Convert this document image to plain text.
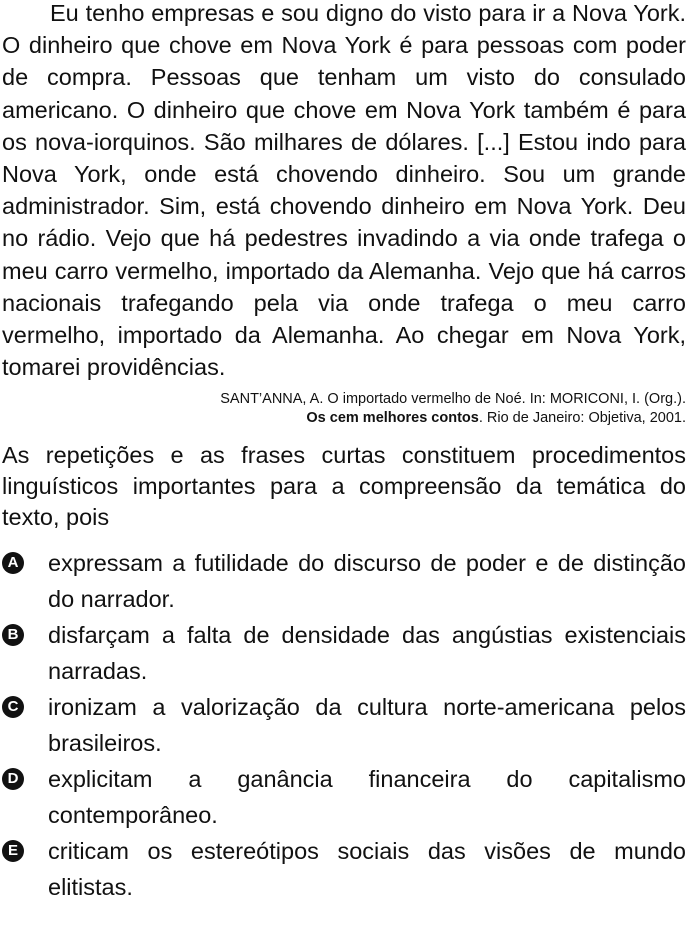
Eu tenho empresas e sou digno do visto para ir a Nova York. O dinheiro que chove em Nova York é para pessoas com poder de compra. Pessoas que tenham um visto do consulado americano. O dinheiro que chove em Nova York também é para os nova-iorquinos. São milhares de dólares. [...] Estou indo para Nova York, onde está chovendo dinheiro. Sou um grande administrador. Sim, está chovendo dinheiro em Nova York. Deu no rádio. Vejo que há pedestres invadindo a via onde trafega o meu carro vermelho, importado da Alemanha. Vejo que há carros nacionais trafegando pela via onde trafega o meu carro vermelho, importado da Alemanha. Ao chegar em Nova York, tomarei providências.

SANT’ANNA, A. O importado vermelho de Noé. In: MORICONI, I. (Org.).
Os cem melhores contos. Rio de Janeiro: Objetiva, 2001.

As repetições e as frases curtas constituem procedimentos linguísticos importantes para a compreensão da temática do texto, pois

A expressam a futilidade do discurso de poder e de distinção do narrador.
B disfarçam a falta de densidade das angústias existenciais narradas.
C ironizam a valorização da cultura norte-americana pelos brasileiros.
D explicitam a ganância financeira do capitalismo contemporâneo.
E criticam os estereótipos sociais das visões de mundo elitistas.
